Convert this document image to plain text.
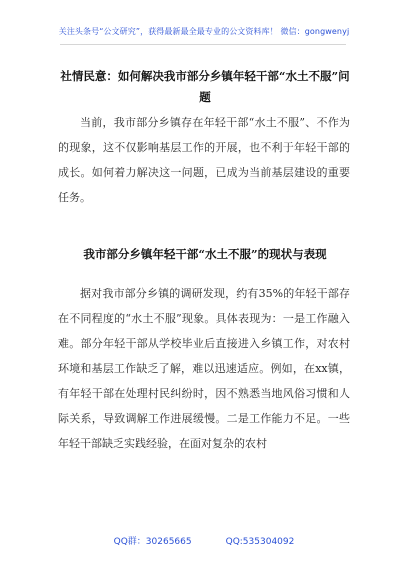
关注头条号“公文研究”，获得最新最全最专业的公文资料库！ 微信：gongwenyj
社情民意：如何解决我市部分乡镇年轻干部“水土不服”问题

当前，我市部分乡镇存在年轻干部“水土不服”、不作为的现象，这不仅影响基层工作的开展，也不利于年轻干部的成长。如何着力解决这一问题，已成为当前基层建设的重要任务。

我市部分乡镇年轻干部“水土不服”的现状与表现

据对我市部分乡镇的调研发现，约有35%的年轻干部存在不同程度的“水土不服”现象。具体表现为：一是工作融入难。部分年轻干部从学校毕业后直接进入乡镇工作，对农村环境和基层工作缺乏了解，难以迅速适应。例如，在xx镇，有年轻干部在处理村民纠纷时，因不熟悉当地风俗习惯和人际关系，导致调解工作进展缓慢。二是工作能力不足。一些年轻干部缺乏实践经验，在面对复杂的农村

QQ群：30265665	QQ:535304092
